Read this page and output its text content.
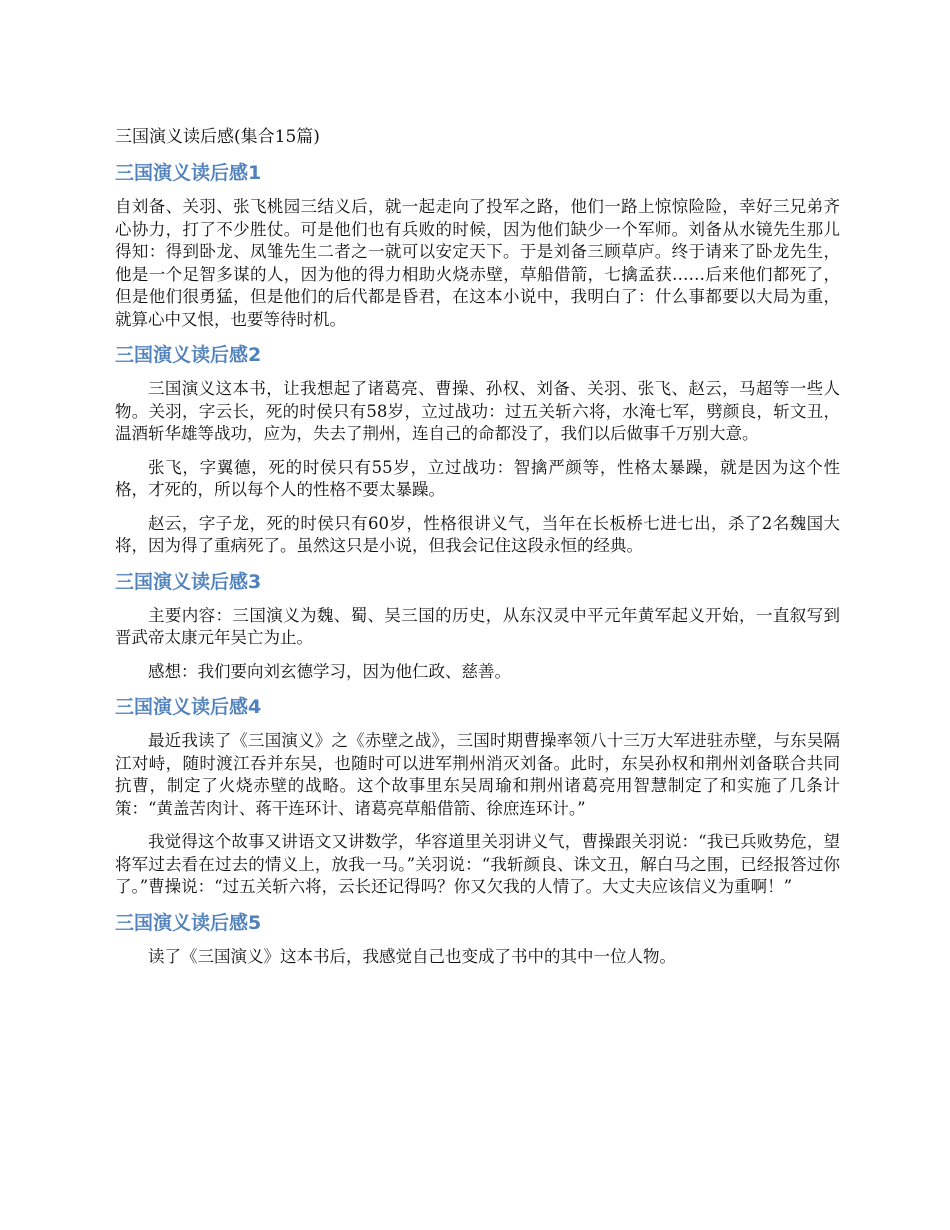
三国演义读后感(集合15篇)
三国演义读后感1

自刘备、关羽、张飞桃园三结义后，就一起走向了投军之路，他们一路上惊惊险险，幸好三兄弟齐心协力，打了不少胜仗。可是他们也有兵败的时候，因为他们缺少一个军师。刘备从水镜先生那儿得知：得到卧龙、凤雏先生二者之一就可以安定天下。于是刘备三顾草庐。终于请来了卧龙先生，他是一个足智多谋的人，因为他的得力相助火烧赤壁，草船借箭，七擒孟获……后来他们都死了，但是他们很勇猛，但是他们的后代都是昏君，在这本小说中，我明白了：什么事都要以大局为重，就算心中又恨，也要等待时机。

三国演义读后感2

三国演义这本书，让我想起了诸葛亮、曹操、孙权、刘备、关羽、张飞、赵云，马超等一些人物。关羽，字云长，死的时侯只有58岁，立过战功：过五关斩六将，水淹七军，劈颜良，斩文丑，温酒斩华雄等战功，应为，失去了荆州，连自己的命都没了，我们以后做事千万别大意。

张飞，字翼德，死的时侯只有55岁，立过战功：智擒严颜等，性格太暴躁，就是因为这个性格，才死的，所以每个人的性格不要太暴躁。

赵云，字子龙，死的时侯只有60岁，性格很讲义气，当年在长板桥七进七出，杀了2名魏国大将，因为得了重病死了。虽然这只是小说，但我会记住这段永恒的经典。

三国演义读后感3

主要内容：三国演义为魏、蜀、吴三国的历史，从东汉灵中平元年黄军起义开始，一直叙写到晋武帝太康元年吴亡为止。

感想：我们要向刘玄德学习，因为他仁政、慈善。

三国演义读后感4

最近我读了《三国演义》之《赤壁之战》，三国时期曹操率领八十三万大军进驻赤壁，与东吴隔江对峙，随时渡江吞并东吴，也随时可以进军荆州消灭刘备。此时，东吴孙权和荆州刘备联合共同抗曹，制定了火烧赤壁的战略。这个故事里东吴周瑜和荆州诸葛亮用智慧制定了和实施了几条计策：“黄盖苦肉计、蒋干连环计、诸葛亮草船借箭、徐庶连环计。”

我觉得这个故事又讲语文又讲数学，华容道里关羽讲义气，曹操跟关羽说：“我已兵败势危，望将军过去看在过去的情义上，放我一马。”关羽说：“我斩颜良、诛文丑，解白马之围，已经报答过你了。”曹操说：“过五关斩六将，云长还记得吗？你又欠我的人情了。大丈夫应该信义为重啊！”

三国演义读后感5

读了《三国演义》这本书后，我感觉自己也变成了书中的其中一位人物。
